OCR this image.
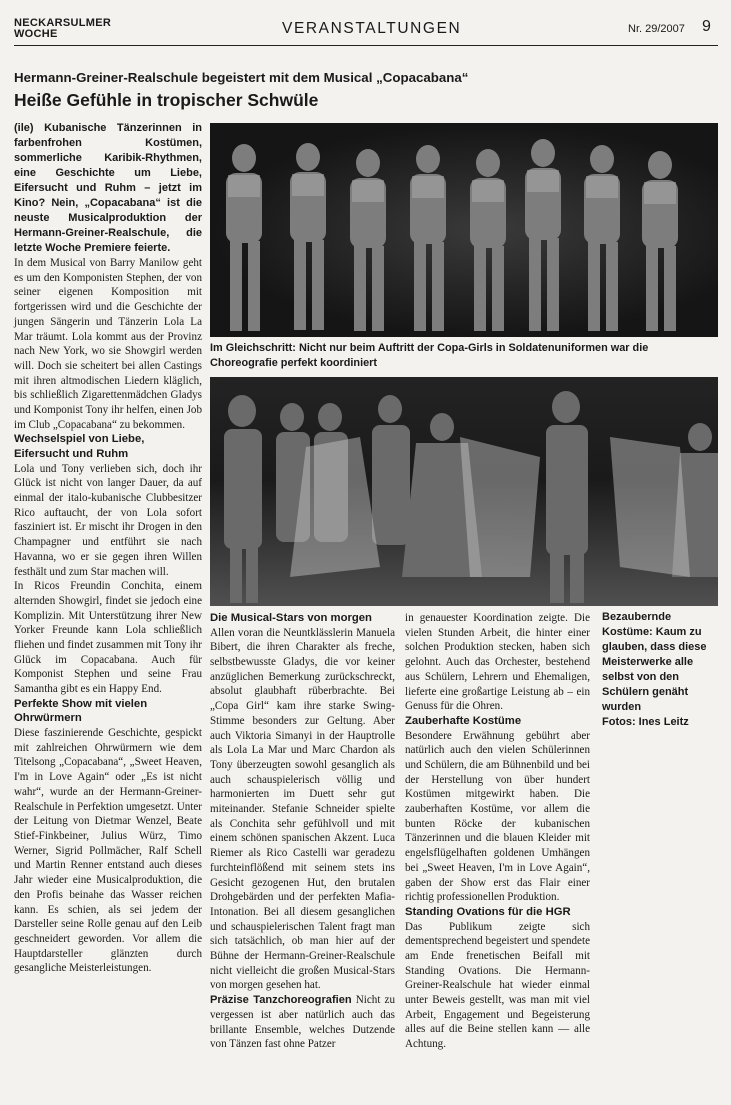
NECKARSULMER
WOCHE	VERANSTALTUNGEN	Nr. 29/2007 9
Hermann-Greiner-Realschule begeistert mit dem Musical „Copacabana“
Heiße Gefühle in tropischer Schwüle

(ile) Kubanische Tänzerinnen in farbenfrohen Kostümen, sommerliche Karibik-Rhythmen, eine Geschichte um Liebe, Eifersucht und Ruhm – jetzt im Kino? Nein, „Copacabana“ ist die neuste Musicalproduktion der Hermann-Greiner-Realschule, die letzte Woche Premiere feierte.

In dem Musical von Barry Manilow geht es um den Komponisten Stephen, der von seiner eigenen Komposition mit fortgerissen wird und die Geschichte der jungen Sängerin und Tänzerin Lola La Mar träumt. Lola kommt aus der Provinz nach New York, wo sie Showgirl werden will. Doch sie scheitert bei allen Castings mit ihren altmodischen Liedern kläglich, bis schließlich Zigarettenmädchen Gladys und Komponist Tony ihr helfen, einen Job im Club „Copacabana“ zu bekommen.

Wechselspiel von Liebe, Eifersucht und Ruhm

Lola und Tony verlieben sich, doch ihr Glück ist nicht von langer Dauer, da auf einmal der italo-kubanische Clubbesitzer Rico auftaucht, der von Lola sofort fasziniert ist. Er mischt ihr Drogen in den Champagner und entführt sie nach Havanna, wo er sie gegen ihren Willen festhält und zum Star machen will.

In Ricos Freundin Conchita, einem alternden Showgirl, findet sie jedoch eine Komplizin. Mit Unterstützung ihrer New Yorker Freunde kann Lola schließlich fliehen und findet zusammen mit Tony ihr Glück im Copacabana. Auch für Komponist Stephen und seine Frau Samantha gibt es ein Happy End.

Perfekte Show mit vielen Ohrwürmern

Diese faszinierende Geschichte, gespickt mit zahlreichen Ohrwürmern wie dem Titelsong „Copacabana“, „Sweet Heaven, I'm in Love Again“ oder „Es ist nicht wahr“, wurde an der Hermann-Greiner-Realschule in Perfektion umgesetzt. Unter der Leitung von Dietmar Wenzel, Beate Stief-Finkbeiner, Julius Würz, Timo Werner, Sigrid Pollmächer, Ralf Schell und Martin Renner entstand auch dieses Jahr wieder eine Musicalproduktion, die den Profis beinahe das Wasser reichen kann. Es schien, als sei jedem der Darsteller seine Rolle genau auf den Leib geschneidert geworden. Vor allem die Hauptdarsteller glänzten durch gesangliche Meisterleistungen.

Im Gleichschritt: Nicht nur beim Auftritt der Copa-Girls in Soldatenuniformen war die Choreografie perfekt koordiniert
Die Musical-Stars von morgen

Allen voran die Neuntklässlerin Manuela Bibert, die ihren Charakter als freche, selbstbewusste Gladys, die vor keiner anzüglichen Bemerkung zurückschreckt, absolut glaubhaft rüberbrachte. Bei „Copa Girl“ kam ihre starke Swing-Stimme besonders zur Geltung. Aber auch Viktoria Simanyi in der Hauptrolle als Lola La Mar und Marc Chardon als Tony überzeugten sowohl gesanglich als auch schauspielerisch völlig und harmonierten im Duett sehr gut miteinander. Stefanie Schneider spielte als Conchita sehr gefühlvoll und mit einem schönen spanischen Akzent. Luca Riemer als Rico Castelli war geradezu furchteinflößend mit seinem stets ins Gesicht gezogenen Hut, den brutalen Drohgebärden und der perfekten Mafia-Intonation. Bei all diesem gesanglichen und schauspielerischen Talent fragt man sich tatsächlich, ob man hier auf der Bühne der Hermann-Greiner-Realschule nicht vielleicht die großen Musical-Stars von morgen gesehen hat.

Präzise Tanzchoreografien Nicht zu vergessen ist aber natürlich auch das brillante Ensemble, welches Dutzende von Tänzen fast ohne Patzer

in genauester Koordination zeigte. Die vielen Stunden Arbeit, die hinter einer solchen Produktion stecken, haben sich gelohnt. Auch das Orchester, bestehend aus Schülern, Lehrern und Ehemaligen, lieferte eine großartige Leistung ab – ein Genuss für die Ohren.

Zauberhafte Kostüme

Besondere Erwähnung gebührt aber natürlich auch den vielen Schülerinnen und Schülern, die am Bühnenbild und bei der Herstellung von über hundert Kostümen mitgewirkt haben. Die zauberhaften Kostüme, vor allem die bunten Röcke der kubanischen Tänzerinnen und die blauen Kleider mit engelsflügelhaften goldenen Umhängen bei „Sweet Heaven, I'm in Love Again“, gaben der Show erst das Flair einer richtig professionellen Produktion.

Standing Ovations für die HGR

Das Publikum zeigte sich dementsprechend begeistert und spendete am Ende frenetischen Beifall mit Standing Ovations. Die Hermann-Greiner-Realschule hat wieder einmal unter Beweis gestellt, was man mit viel Arbeit, Engagement und Begeisterung alles auf die Beine stellen kann — alle Achtung.

Bezaubernde Kostüme: Kaum zu glauben, dass diese Meisterwerke alle selbst von den Schülern genäht wurden

Fotos: Ines Leitz
